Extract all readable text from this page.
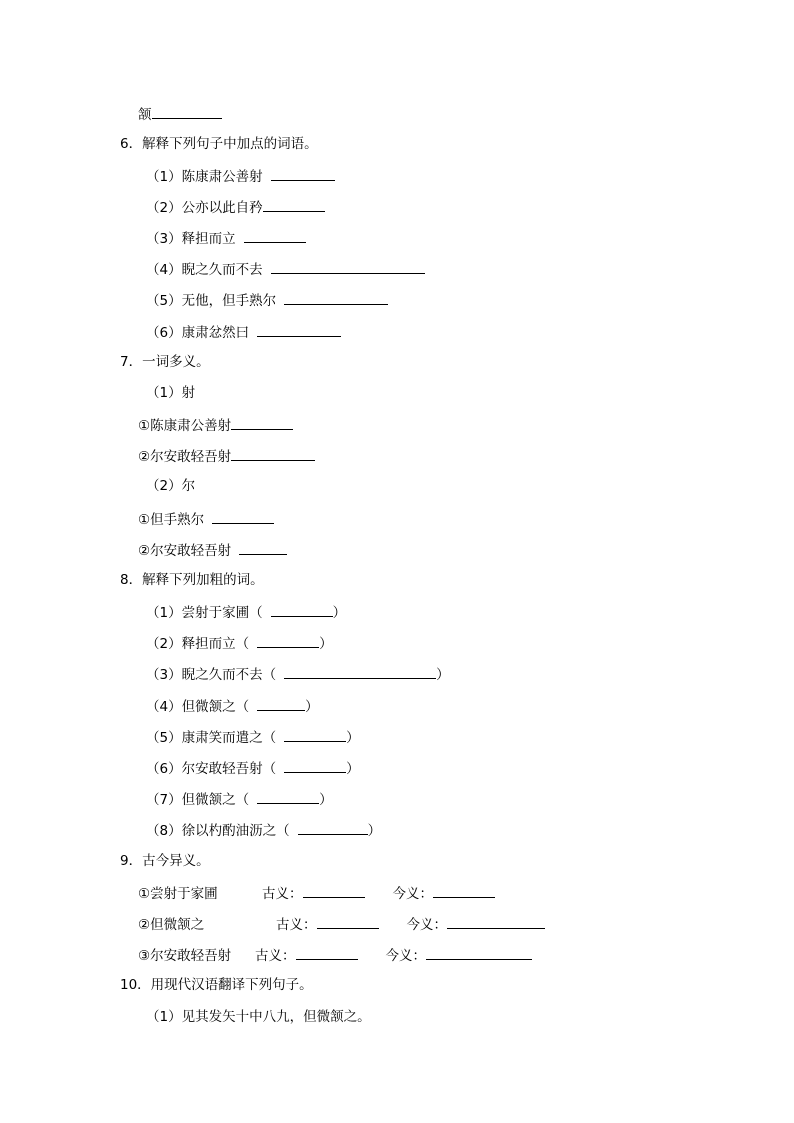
颔
6．解释下列句子中加点的词语。
（1）陈康肃公善射
（2）公亦以此自矜
（3）释担而立
（4）睨之久而不去
（5）无他，但手熟尔
（6）康肃忿然曰
7．一词多义。
（1）射
①陈康肃公善射
②尔安敢轻吾射
（2）尔
①但手熟尔
②尔安敢轻吾射
8．解释下列加粗的词。
（1）尝射于家圃（	）
（2）释担而立（	）
（3）睨之久而不去（	）
（4）但微颔之（	）
（5）康肃笑而遣之（	）
（6）尔安敢轻吾射（	）
（7）但微颔之（	）
（8）徐以杓酌油沥之（	）
9．古今异义。
①尝射于家圃	古义：	今义：
②但微颔之	古义：	今义：
③尔安敢轻吾射 古义：	今义：
10．用现代汉语翻译下列句子。
（1）见其发矢十中八九，但微颔之。
